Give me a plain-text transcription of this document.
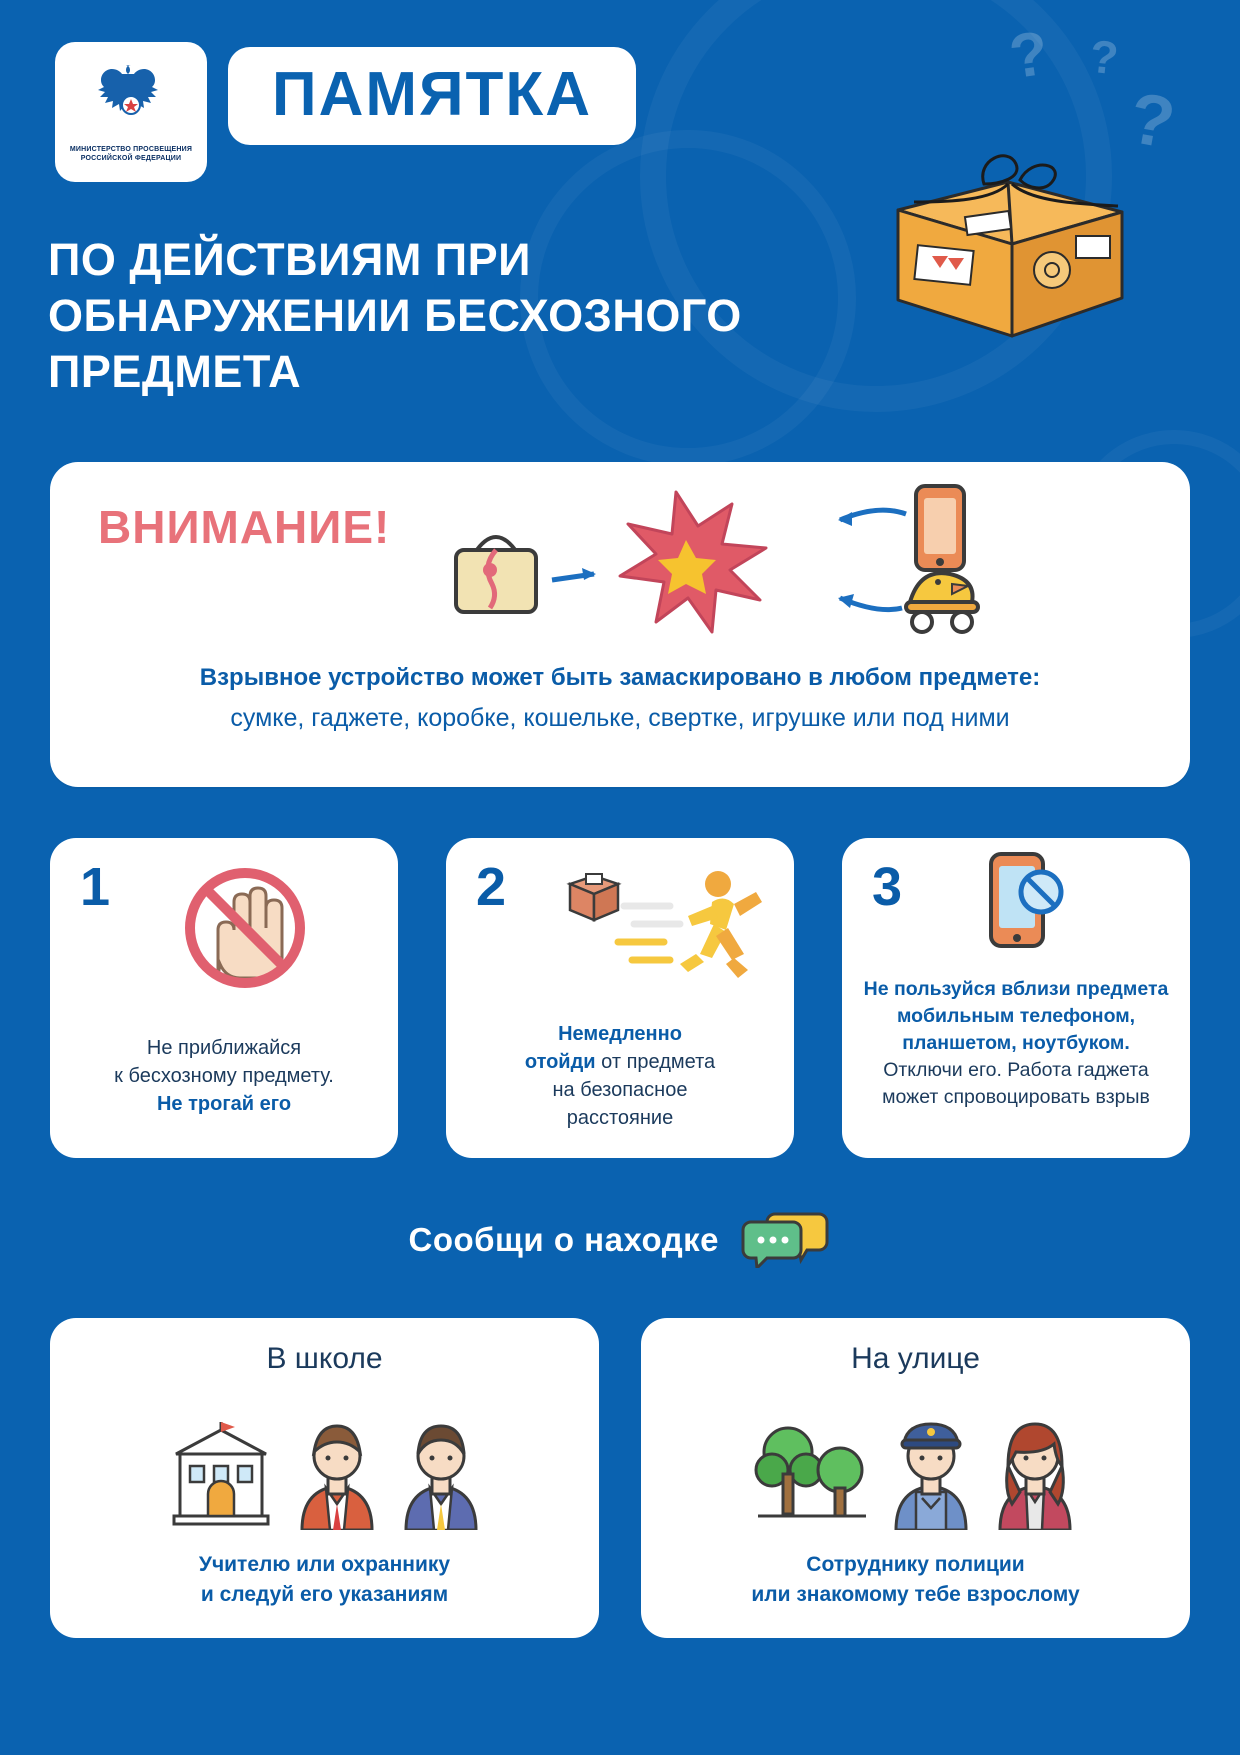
? ?
?
МИНИСТЕРСТВО ПРОСВЕЩЕНИЯ РОССИЙСКОЙ ФЕДЕРАЦИИ
ПАМЯТКА
ПО ДЕЙСТВИЯМ ПРИ ОБНАРУЖЕНИИ БЕСХОЗНОГО ПРЕДМЕТА
ВНИМАНИЕ!
Взрывное устройство может быть замаскировано в любом предмете:
сумке, гаджете, коробке, кошельке, свертке, игрушке или под ними
1
Не приближайся
к бесхозному предмету.
Не трогай его
2
Немедленно
отойди от предмета
на безопасное
расстояние
3
Не пользуйся вблизи предмета мобильным телефоном, планшетом, ноутбуком. Отключи его. Работа гаджета может спровоцировать взрыв
Сообщи о находке
В школе
Учителю или охраннику
и следуй его указаниям
На улице
Сотруднику полиции
или знакомому тебе взрослому
